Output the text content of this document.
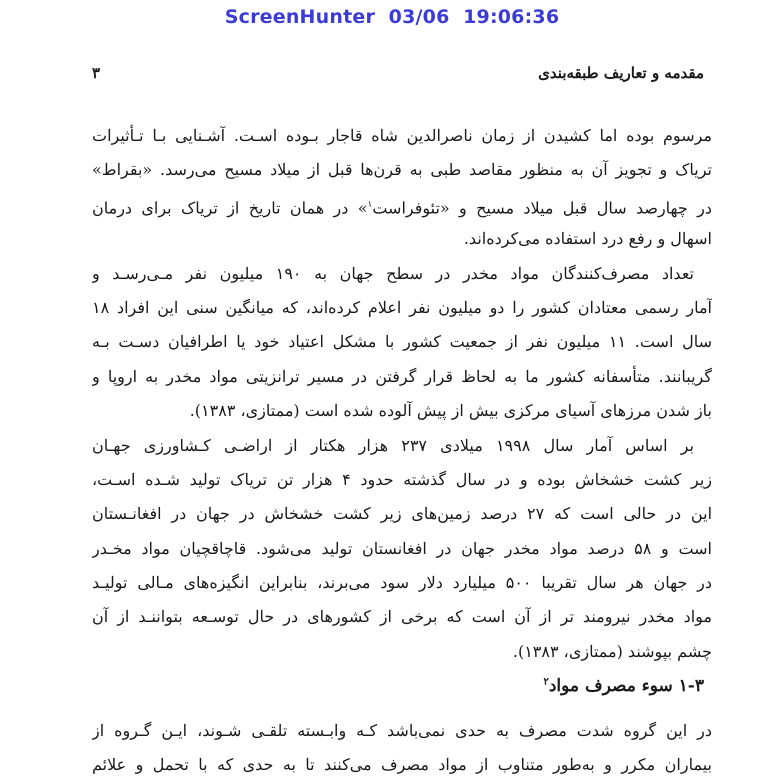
ScreenHunter  03/06  19:06:36
۳	مقدمه و تعاریف طبقه‌بندی
مرسوم بوده اما کشیدن از زمان ناصرالدین شاه قاجار بـوده اسـت. آشـنایی بـا تـأثیرات
تریاک و تجویز آن به منظور مقاصد طبی به قرن‌ها قبل از میلاد مسیح می‌رسد. «بقراط»
در چهارصد سال قبل میلاد مسیح و «تئوفراست$^۱$» در همان تاریخ از تریاک برای درمان
اسهال و رفع درد استفاده می‌کرده‌اند.
تعداد مصرف‌کنندگان مواد مخدر در سطح جهان به ۱۹۰ میلیون نفر مـی‌رسـد و
آمار رسمی معتادان کشور را دو میلیون نفر اعلام کرده‌اند، که میانگین سنی این افراد ۱۸
سال است. ۱۱ میلیون نفر از جمعیت کشور با مشکل اعتیاد خود یا اطرافیان دسـت بـه
گریبانند. متأسفانه کشور ما به لحاظ قرار گرفتن در مسیر ترانزیتی مواد مخدر به اروپا و
باز شدن مرزهای آسیای مرکزی بیش از پیش آلوده شده است (ممتازی، ۱۳۸۳).
بر اساس آمار سال ۱۹۹۸ میلادی ۲۳۷ هزار هکتار از اراضـی کـشاورزی جهـان
زیر کشت خشخاش بوده و در سال گذشته حدود ۴ هزار تن تریاک تولید شـده اسـت،
این در حالی است که ۲۷ درصد زمین‌های زیر کشت خشخاش در جهان در افغانـستان
است و ۵۸ درصد مواد مخدر جهان در افغانستان تولید می‌شود. قاچاقچیان مواد مخـدر
در جهان هر سال تقریبا ۵۰۰ میلیارد دلار سود می‌برند، بنابراین انگیزه‌های مـالی تولیـد
مواد مخدر نیرومند تر از آن است که برخی از کشورهای در حال توسـعه بتواننـد از آن
چشم بپوشند (ممتازی، ۱۳۸۳).
۱-۳ سوء مصرف مواد$^۲$
در این گروه شدت مصرف به حدی نمی‌باشد کـه وابـسته تلقـی شـوند، ایـن گـروه از
بیماران مکرر و به‌طور متناوب از مواد مصرف می‌کنند تا به حدی که با تحمل و علائم
